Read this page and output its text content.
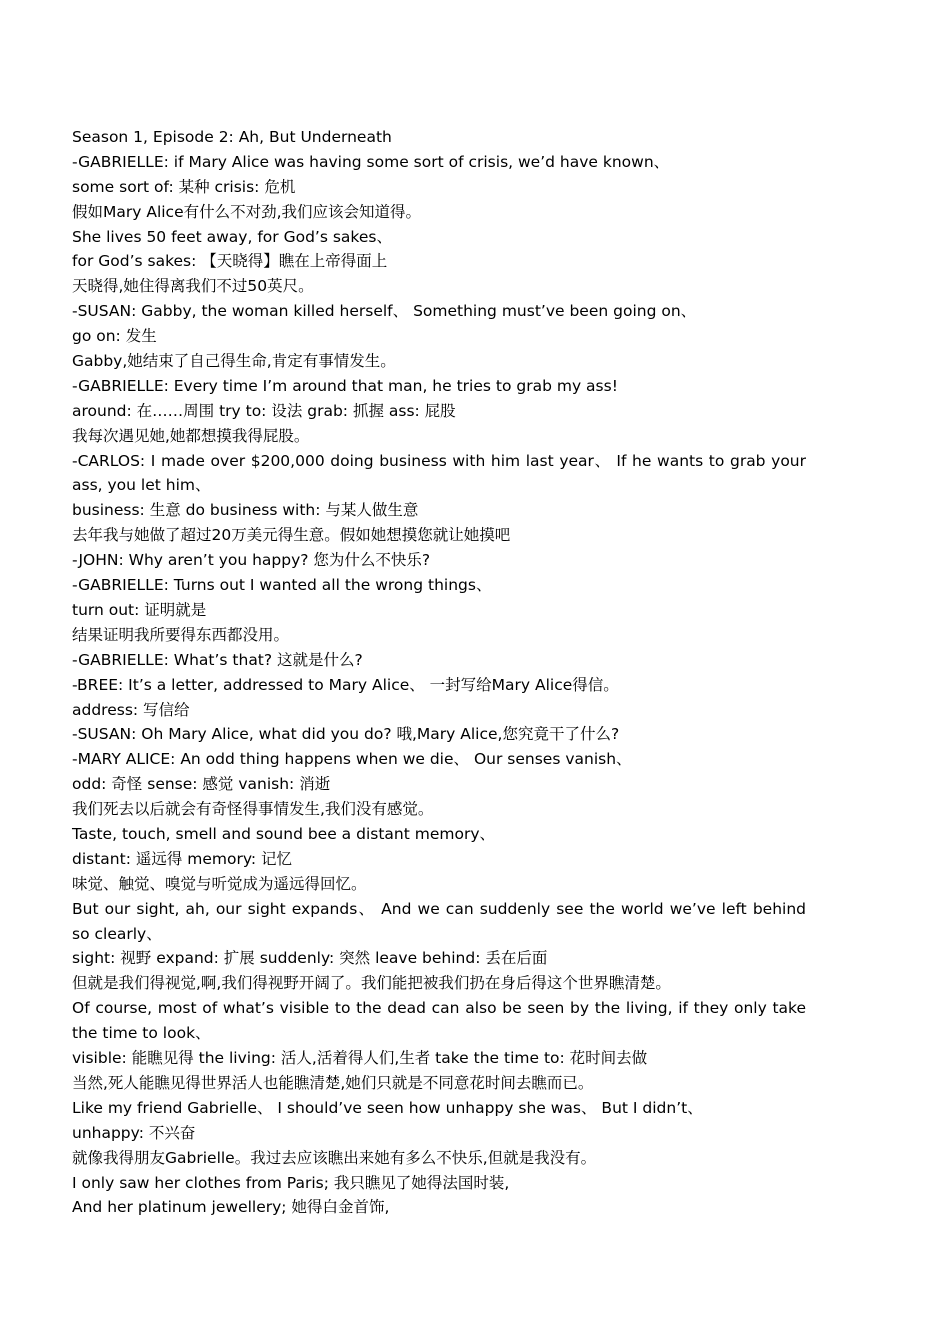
Season 1, Episode 2: Ah, But Underneath
-GABRIELLE: if Mary Alice was having some sort of crisis, we’d have known、
some sort of: 某种 crisis: 危机
假如Mary Alice有什么不对劲,我们应该会知道得。
She lives 50 feet away, for God’s sakes、
for God’s sakes: 【天晓得】瞧在上帝得面上
天晓得,她住得离我们不过50英尺。
-SUSAN: Gabby, the woman killed herself、 Something must’ve been going on、
go on: 发生
Gabby,她结束了自己得生命,肯定有事情发生。
-GABRIELLE: Every time I’m around that man, he tries to grab my ass!
around: 在……周围 try to: 设法 grab: 抓握 ass: 屁股
我每次遇见她,她都想摸我得屁股。
-CARLOS: I made over $200,000 doing business with him last year、 If he wants to grab your ass, you let him、
business: 生意 do business with: 与某人做生意
去年我与她做了超过20万美元得生意。假如她想摸您就让她摸吧
-JOHN: Why aren’t you happy? 您为什么不快乐?
-GABRIELLE: Turns out I wanted all the wrong things、
turn out: 证明就是
结果证明我所要得东西都没用。
-GABRIELLE: What’s that? 这就是什么?
-BREE: It’s a letter, addressed to Mary Alice、 一封写给Mary Alice得信。
address: 写信给
-SUSAN: Oh Mary Alice, what did you do? 哦,Mary Alice,您究竟干了什么?
-MARY ALICE: An odd thing happens when we die、 Our senses vanish、
odd: 奇怪 sense: 感觉 vanish: 消逝
我们死去以后就会有奇怪得事情发生,我们没有感觉。
Taste, touch, smell and sound bee a distant memory、
distant: 遥远得 memory: 记忆
味觉、触觉、嗅觉与听觉成为遥远得回忆。
But our sight, ah, our sight expands、 And we can suddenly see the world we’ve left behind so clearly、
sight: 视野 expand: 扩展 suddenly: 突然 leave behind: 丢在后面
但就是我们得视觉,啊,我们得视野开阔了。我们能把被我们扔在身后得这个世界瞧清楚。
Of course, most of what’s visible to the dead can also be seen by the living, if they only take the time to look、
visible: 能瞧见得 the living: 活人,活着得人们,生者 take the time to: 花时间去做
当然,死人能瞧见得世界活人也能瞧清楚,她们只就是不同意花时间去瞧而已。
Like my friend Gabrielle、 I should’ve seen how unhappy she was、 But I didn’t、
unhappy: 不兴奋
就像我得朋友Gabrielle。我过去应该瞧出来她有多么不快乐,但就是我没有。
I only saw her clothes from Paris; 我只瞧见了她得法国时装,
And her platinum jewellery; 她得白金首饰,
